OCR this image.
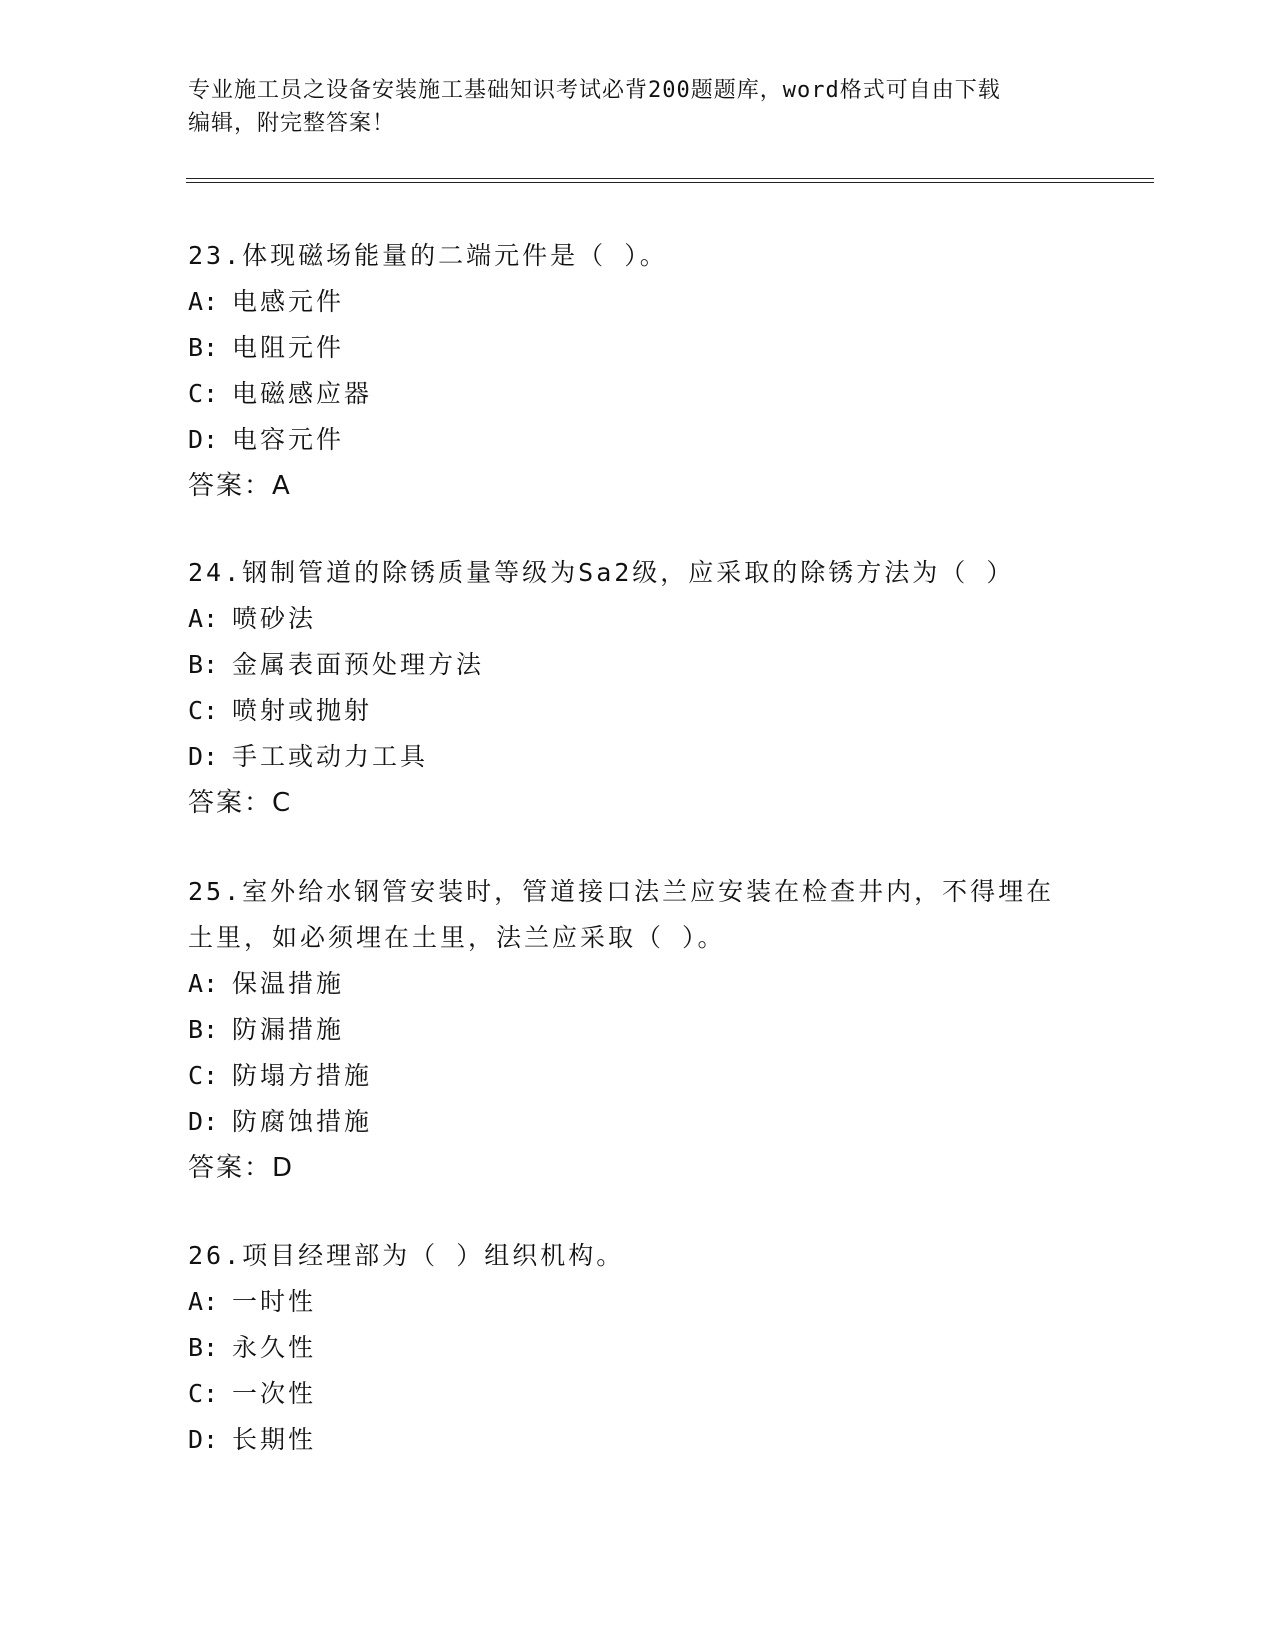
专业施工员之设备安装施工基础知识考试必背200题题库，word格式可自由下载
编辑，附完整答案！

23.体现磁场能量的二端元件是（ ）。

A: 电感元件

B: 电阻元件

C: 电磁感应器

D: 电容元件

答案：A

24.钢制管道的除锈质量等级为Sa2级，应采取的除锈方法为（ ）

A: 喷砂法

B: 金属表面预处理方法

C: 喷射或抛射

D: 手工或动力工具

答案：C

25.室外给水钢管安装时，管道接口法兰应安装在检查井内，不得埋在

土里，如必须埋在土里，法兰应采取（ ）。

A: 保温措施

B: 防漏措施

C: 防塌方措施

D: 防腐蚀措施

答案：D

26.项目经理部为（ ）组织机构。

A: 一时性

B: 永久性

C: 一次性

D: 长期性
